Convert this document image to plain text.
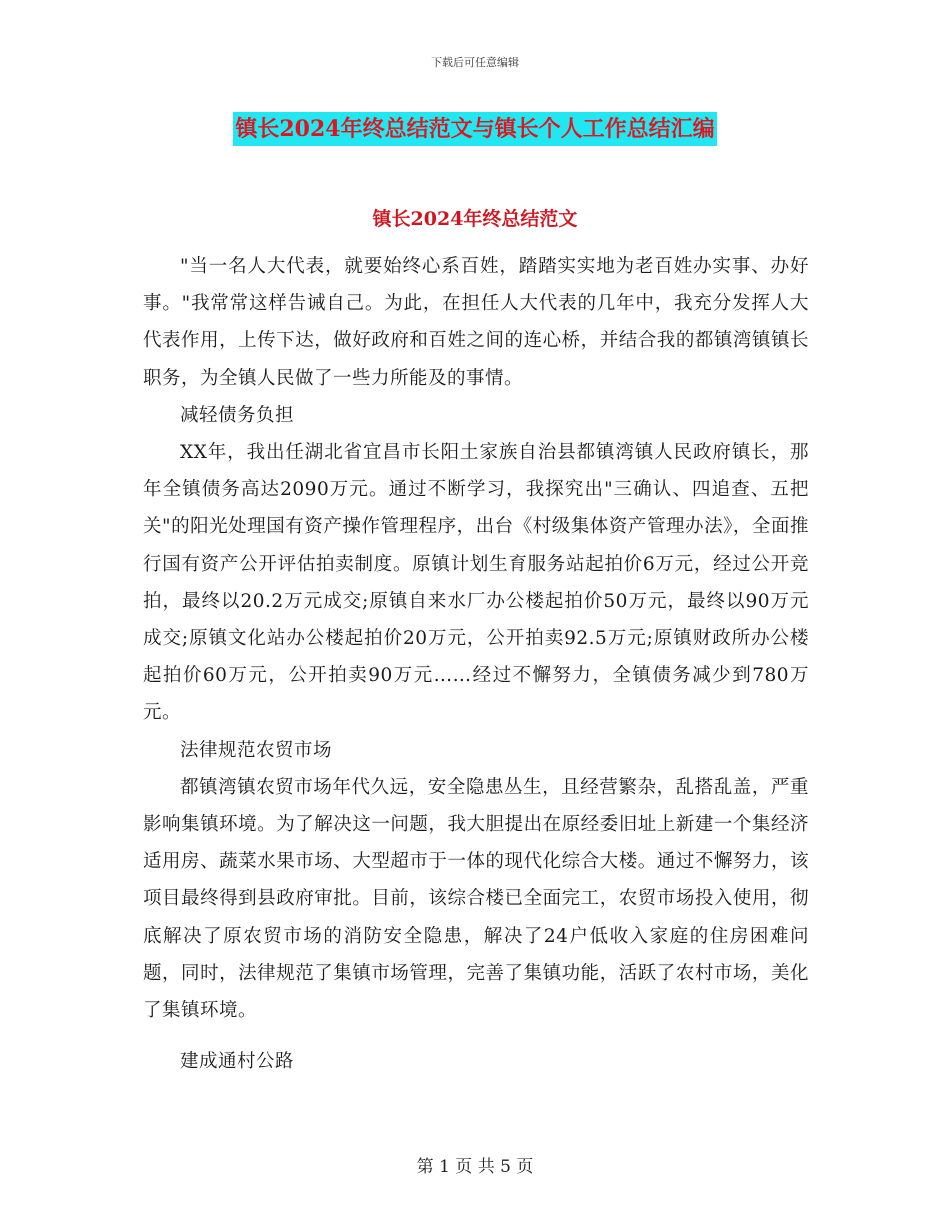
下载后可任意编辑
镇长2024年终总结范文与镇长个人工作总结汇编
镇长2024年终总结范文

"当一名人大代表，就要始终心系百姓，踏踏实实地为老百姓办实事、办好事。"我常常这样告诫自己。为此，在担任人大代表的几年中，我充分发挥人大代表作用，上传下达，做好政府和百姓之间的连心桥，并结合我的都镇湾镇镇长职务，为全镇人民做了一些力所能及的事情。

减轻债务负担

XX年，我出任湖北省宜昌市长阳土家族自治县都镇湾镇人民政府镇长，那年全镇债务高达2090万元。通过不断学习，我探究出"三确认、四追查、五把关"的阳光处理国有资产操作管理程序，出台《村级集体资产管理办法》，全面推行国有资产公开评估拍卖制度。原镇计划生育服务站起拍价6万元，经过公开竞拍，最终以20.2万元成交;原镇自来水厂办公楼起拍价50万元，最终以90万元成交;原镇文化站办公楼起拍价20万元，公开拍卖92.5万元;原镇财政所办公楼起拍价60万元，公开拍卖90万元……经过不懈努力，全镇债务减少到780万元。

法律规范农贸市场

都镇湾镇农贸市场年代久远，安全隐患丛生，且经营繁杂，乱搭乱盖，严重影响集镇环境。为了解决这一问题，我大胆提出在原经委旧址上新建一个集经济适用房、蔬菜水果市场、大型超市于一体的现代化综合大楼。通过不懈努力，该项目最终得到县政府审批。目前，该综合楼已全面完工，农贸市场投入使用，彻底解决了原农贸市场的消防安全隐患，解决了24户低收入家庭的住房困难问题，同时，法律规范了集镇市场管理，完善了集镇功能，活跃了农村市场，美化了集镇环境。

建成通村公路

第 1 页 共 5 页
